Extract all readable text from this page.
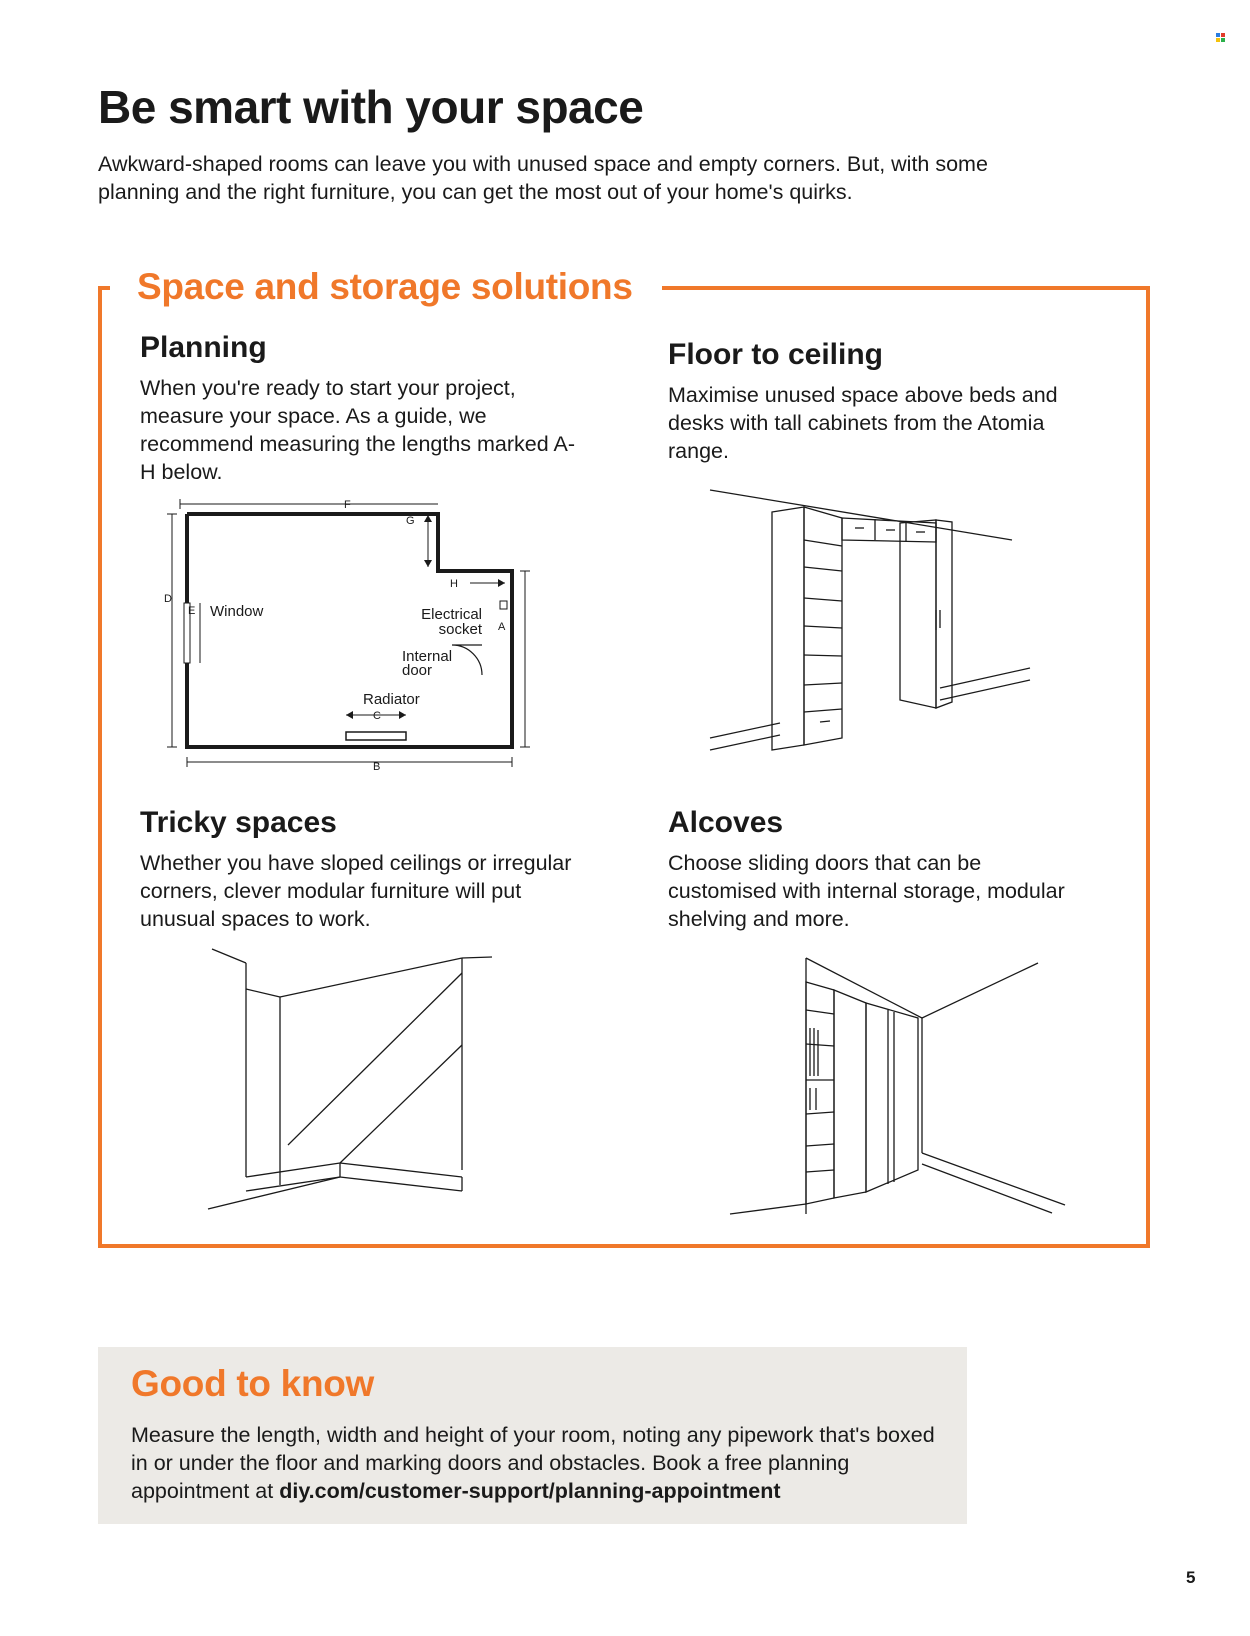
Be smart with your space

Awkward-shaped rooms can leave you with unused space and empty corners. But, with some planning and the right furniture, you can get the most out of your home's quirks.

Space and storage solutions
Planning

When you're ready to start your project, measure your space. As a guide, we recommend measuring the lengths marked A-H below.

F
D
E Window
G
H
A
B
C
Electrical
socket
Internal
door
Radiator
Floor to ceiling

Maximise unused space above beds and desks with tall cabinets from the Atomia range.

Tricky spaces

Whether you have sloped ceilings or irregular corners, clever modular furniture will put unusual spaces to work.

Alcoves

Choose sliding doors that can be customised with internal storage, modular shelving and more.

Good to know

Measure the length, width and height of your room, noting any pipework that's boxed in or under the floor and marking doors and obstacles. Book a free planning appointment at diy.com/customer-support/planning-appointment

5
